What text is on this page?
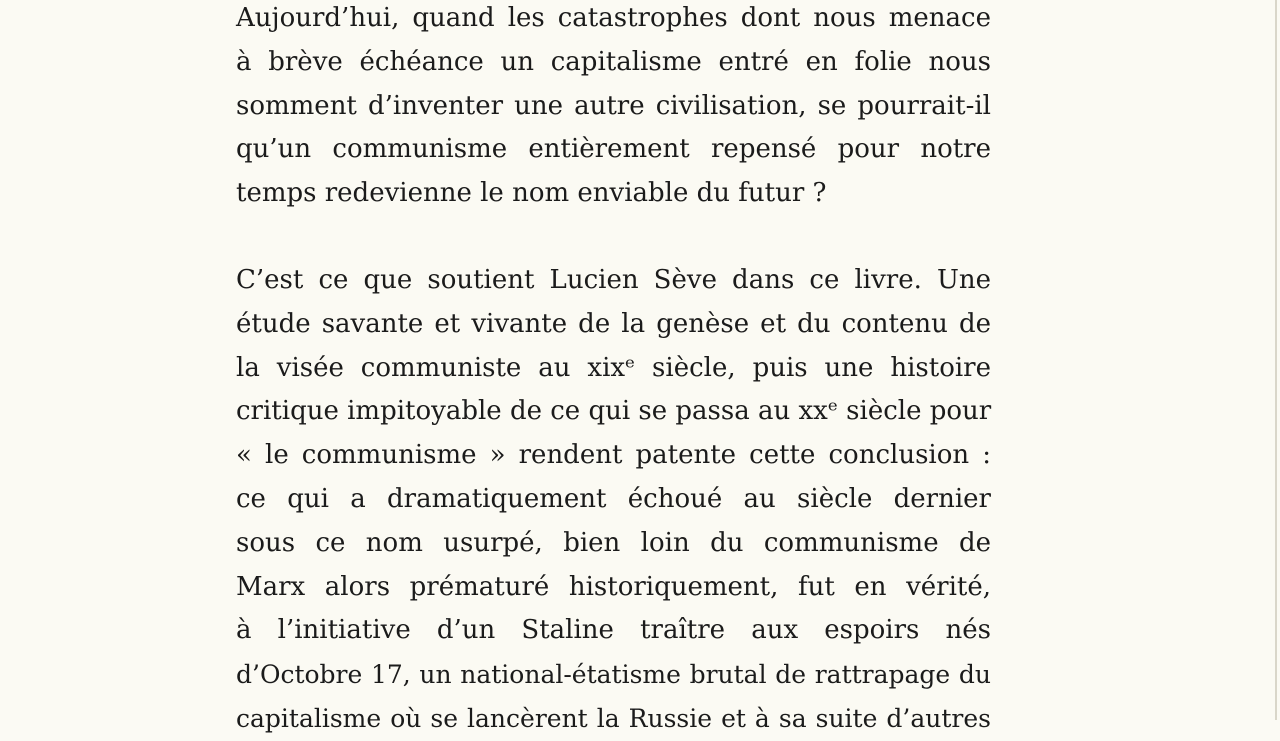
Aujourd’hui, quand les catastrophes dont nous menace
à brève échéance un capitalisme entré en folie nous
somment d’inventer une autre civilisation, se pourrait-il
qu’un communisme entièrement repensé pour notre
temps redevienne le nom enviable du futur ?
C’est ce que soutient Lucien Sève dans ce livre. Une
étude savante et vivante de la genèse et du contenu de
la visée communiste au xixᵉ siècle, puis une histoire
critique impitoyable de ce qui se passa au xxᵉ siècle pour
« le communisme » rendent patente cette conclusion :
ce qui a dramatiquement échoué au siècle dernier
sous ce nom usurpé, bien loin du communisme de
Marx alors prématuré historiquement, fut en vérité,
à l’initiative d’un Staline traître aux espoirs nés
d’Octobre 17, un national-étatisme brutal de rattrapage du
capitalisme où se lancèrent la Russie et à sa suite d’autres
